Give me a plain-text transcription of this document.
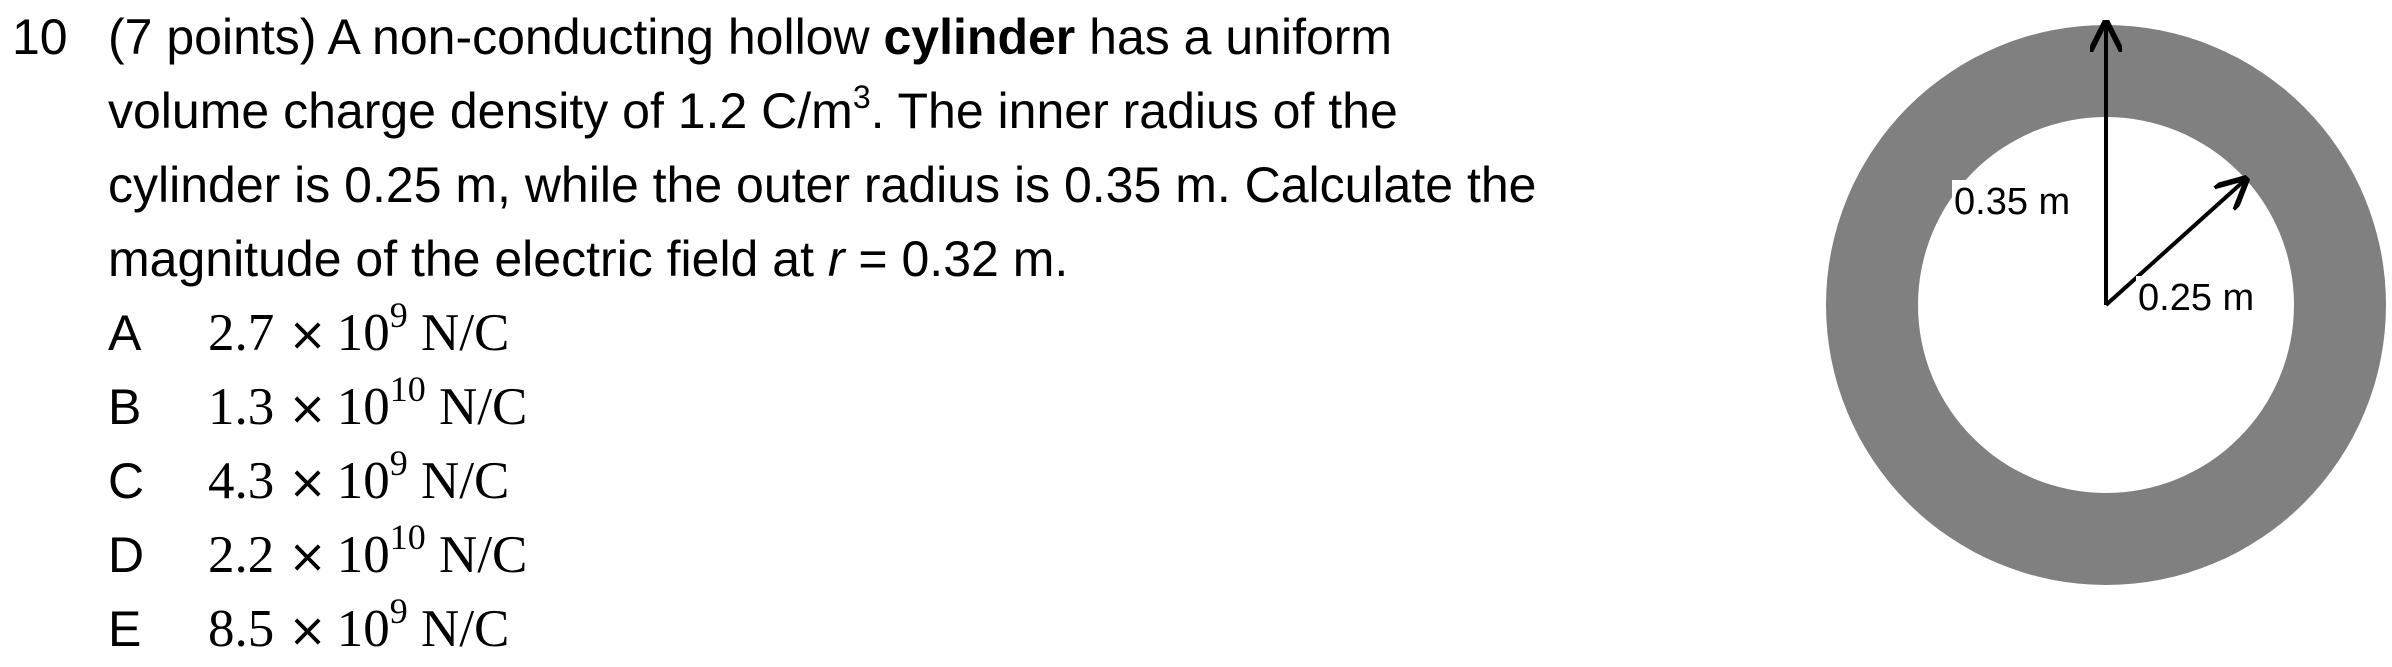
10 (7 points) A non-conducting hollow cylinder has a uniform
volume charge density of 1.2 $C/m^3$. The inner radius of the
cylinder is 0.25 m, while the outer radius is 0.35 m. Calculate the
magnitude of the electric field at r = 0.32 m.
A $2.7 \times 10^9$ N/C
B $1.3 \times 10^{10}$ N/C
C $4.3 \times 10^9$ N/C
D $2.2 \times 10^{10}$ N/C
E $8.5 \times 10^9$ N/C
0.35 m
0.25 m
